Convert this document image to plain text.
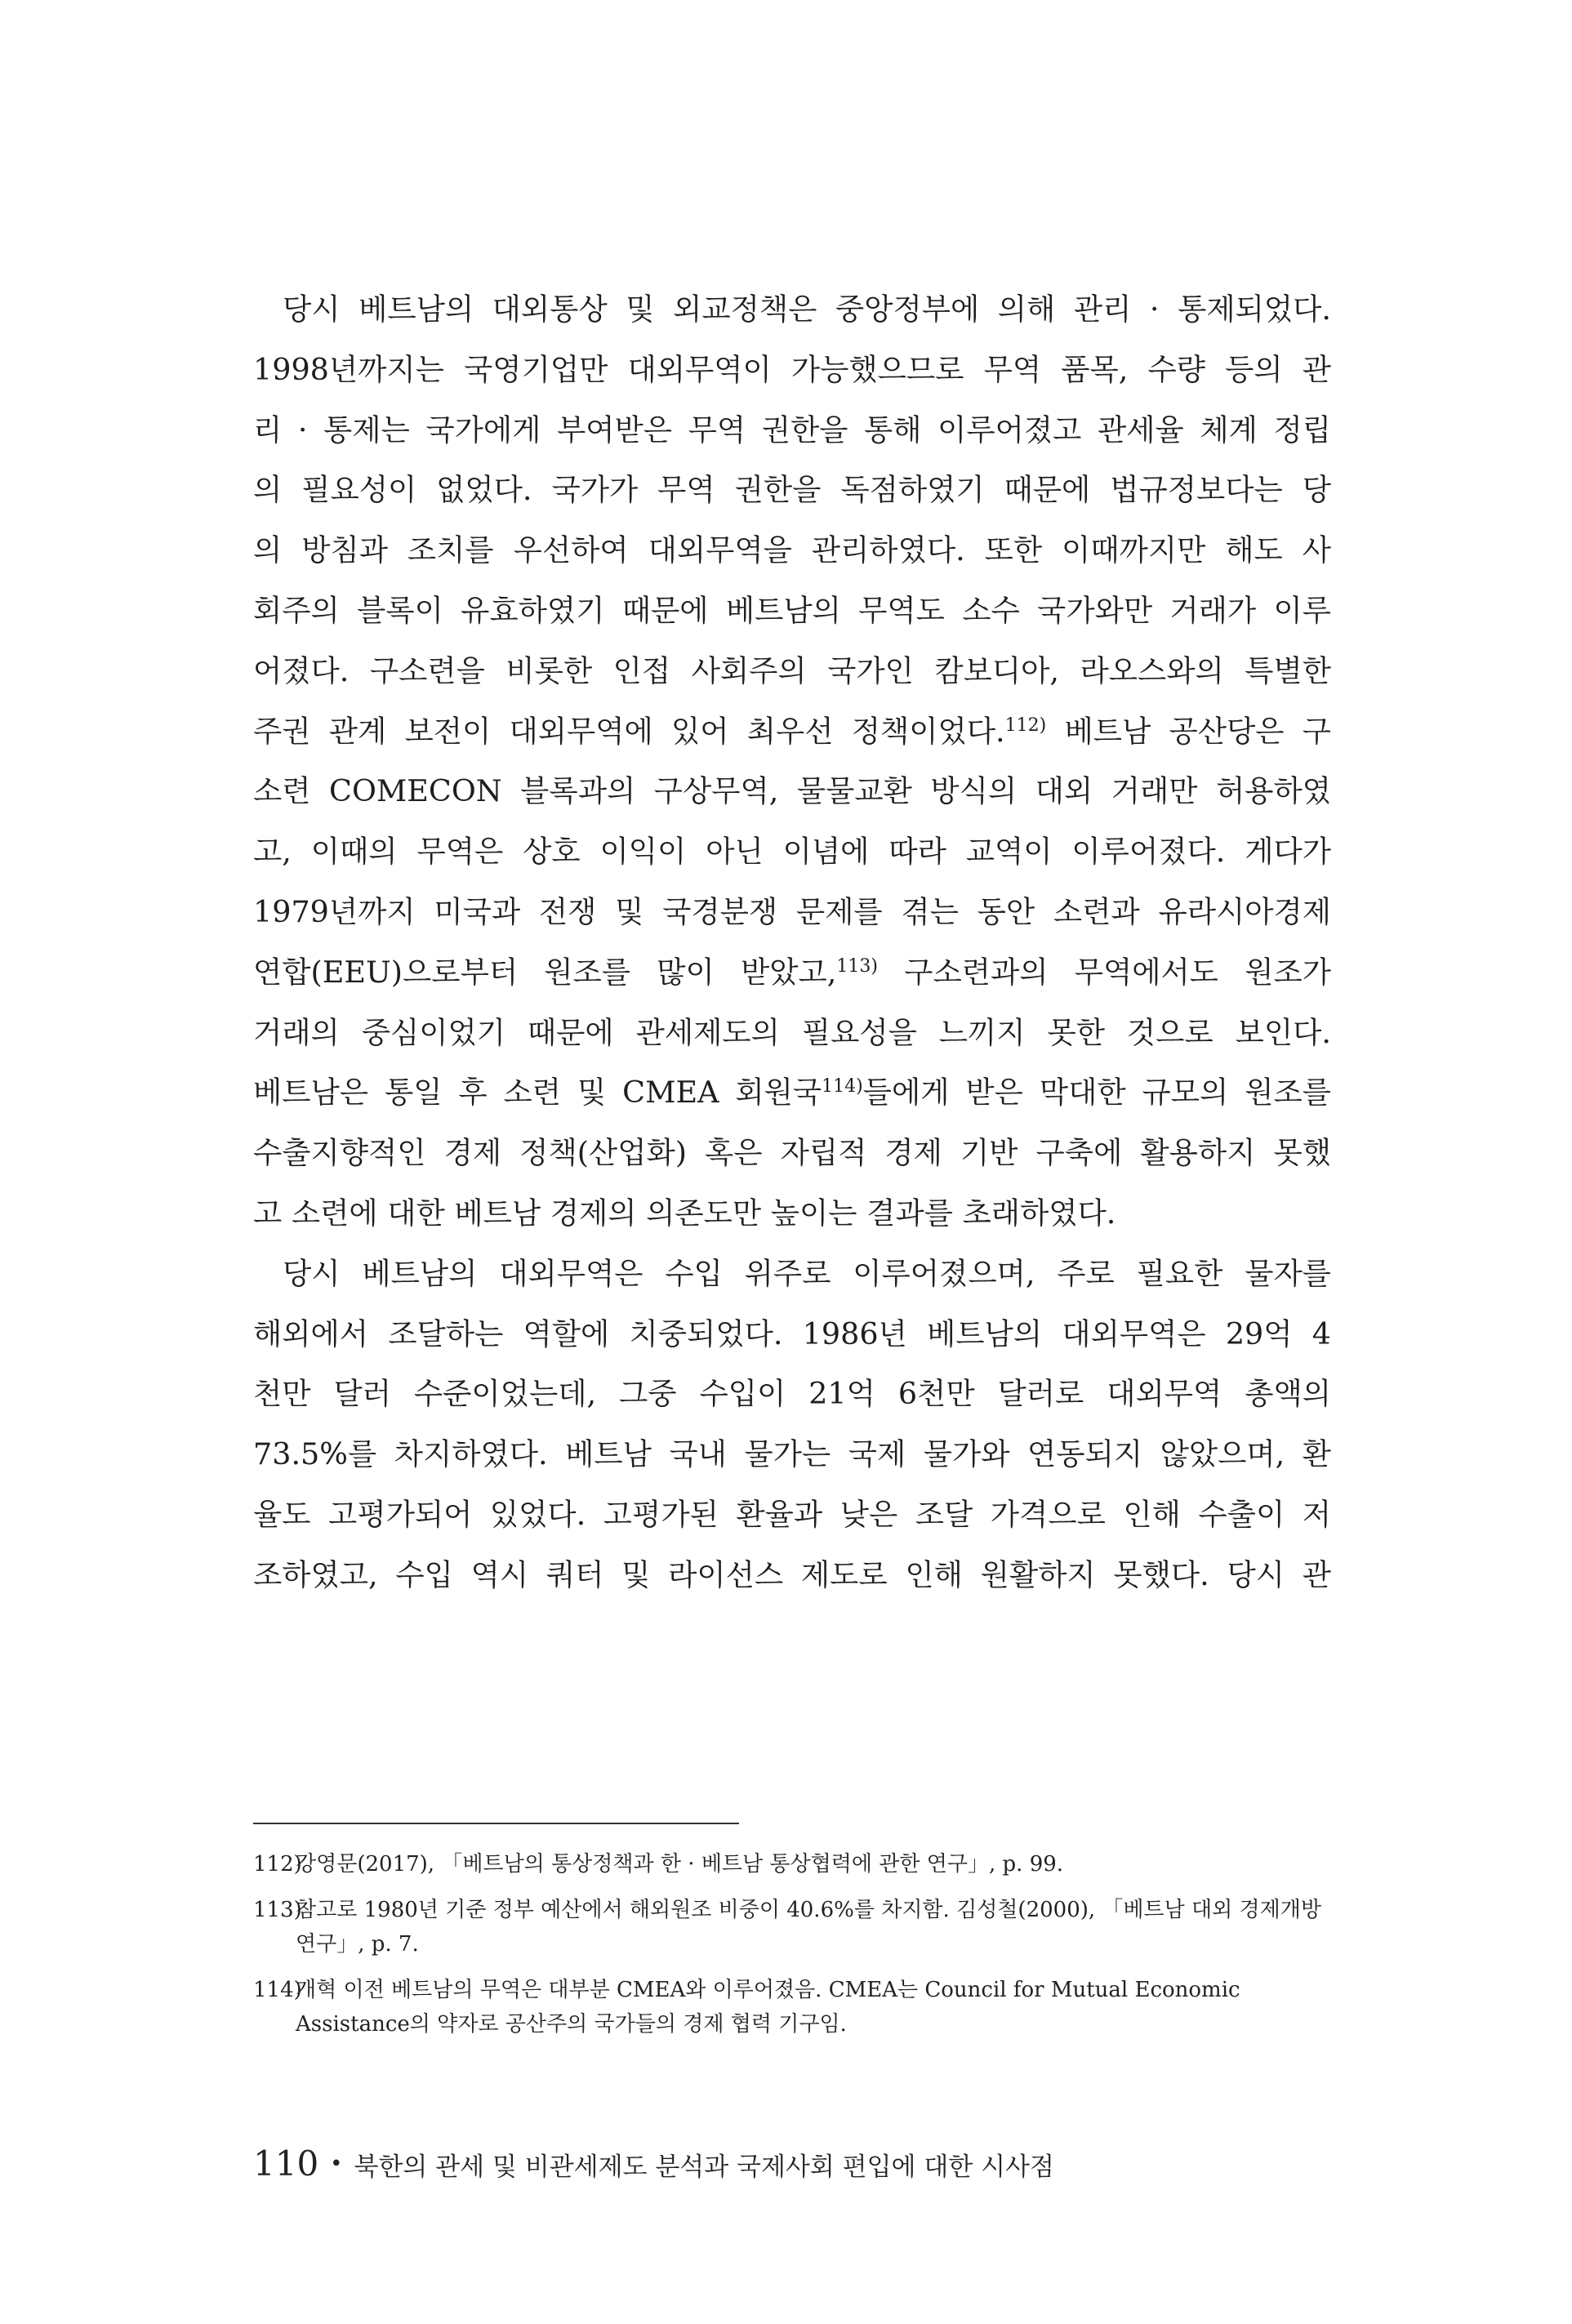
당시 베트남의 대외통상 및 외교정책은 중앙정부에 의해 관리 · 통제되었다.
1998년까지는 국영기업만 대외무역이 가능했으므로 무역 품목, 수량 등의 관
리 · 통제는 국가에게 부여받은 무역 권한을 통해 이루어졌고 관세율 체계 정립
의 필요성이 없었다. 국가가 무역 권한을 독점하였기 때문에 법규정보다는 당
의 방침과 조치를 우선하여 대외무역을 관리하였다. 또한 이때까지만 해도 사
회주의 블록이 유효하였기 때문에 베트남의 무역도 소수 국가와만 거래가 이루
어졌다. 구소련을 비롯한 인접 사회주의 국가인 캄보디아, 라오스와의 특별한
주권 관계 보전이 대외무역에 있어 최우선 정책이었다.$^{112)}$ 베트남 공산당은 구
소련 COMECON 블록과의 구상무역, 물물교환 방식의 대외 거래만 허용하였
고, 이때의 무역은 상호 이익이 아닌 이념에 따라 교역이 이루어졌다. 게다가
1979년까지 미국과 전쟁 및 국경분쟁 문제를 겪는 동안 소련과 유라시아경제
연합(EEU)으로부터 원조를 많이 받았고,$^{113)}$ 구소련과의 무역에서도 원조가
거래의 중심이었기 때문에 관세제도의 필요성을 느끼지 못한 것으로 보인다.
베트남은 통일 후 소련 및 CMEA 회원국$^{114)}$들에게 받은 막대한 규모의 원조를
수출지향적인 경제 정책(산업화) 혹은 자립적 경제 기반 구축에 활용하지 못했
고 소련에 대한 베트남 경제의 의존도만 높이는 결과를 초래하였다.

당시 베트남의 대외무역은 수입 위주로 이루어졌으며, 주로 필요한 물자를
해외에서 조달하는 역할에 치중되었다. 1986년 베트남의 대외무역은 29억 4
천만 달러 수준이었는데, 그중 수입이 21억 6천만 달러로 대외무역 총액의
73.5%를 차지하였다. 베트남 국내 물가는 국제 물가와 연동되지 않았으며, 환
율도 고평가되어 있었다. 고평가된 환율과 낮은 조달 가격으로 인해 수출이 저
조하였고, 수입 역시 쿼터 및 라이선스 제도로 인해 원활하지 못했다. 당시 관

112)
강영문(2017), 「베트남의 통상정책과 한 · 베트남 통상협력에 관한 연구」, p. 99.
113)
참고로 1980년 기준 정부 예산에서 해외원조 비중이 40.6%를 차지함. 김성철(2000), 「베트남 대외 경제개방 연구」, p. 7.
114)
개혁 이전 베트남의 무역은 대부분 CMEA와 이루어졌음. CMEA는 Council for Mutual Economic Assistance의 약자로 공산주의 국가들의 경제 협력 기구임.
110 • 북한의 관세 및 비관세제도 분석과 국제사회 편입에 대한 시사점
